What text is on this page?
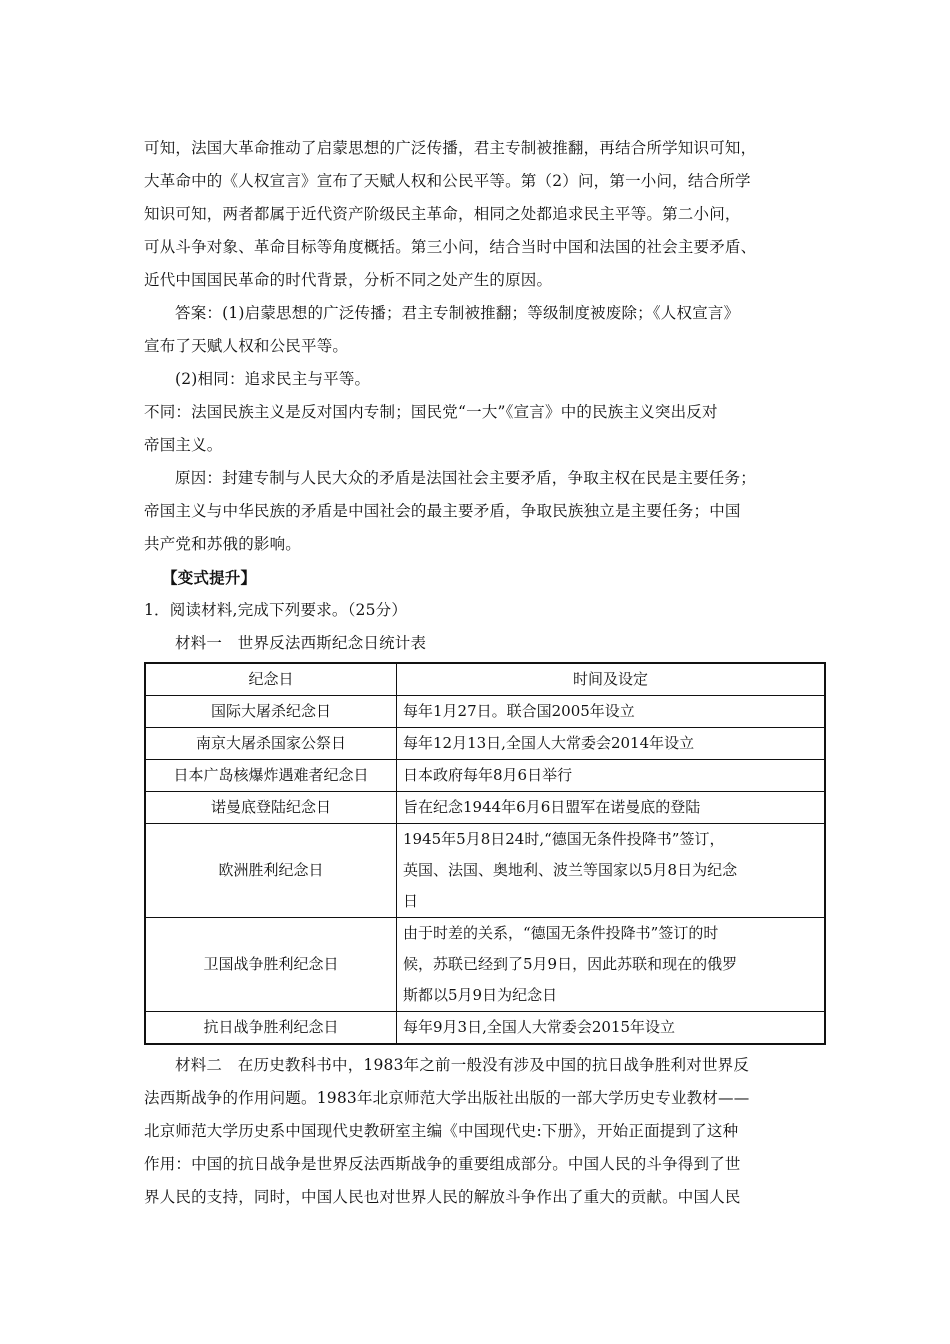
可知，法国大革命推动了启蒙思想的广泛传播，君主专制被推翻，再结合所学知识可知，

大革命中的《人权宣言》宣布了天赋人权和公民平等。第（2）问，第一小问，结合所学

知识可知，两者都属于近代资产阶级民主革命，相同之处都追求民主平等。第二小问，

可从斗争对象、革命目标等角度概括。第三小问，结合当时中国和法国的社会主要矛盾、

近代中国国民革命的时代背景，分析不同之处产生的原因。

答案：(1)启蒙思想的广泛传播；君主专制被推翻；等级制度被废除；《人权宣言》

宣布了天赋人权和公民平等。

(2)相同：追求民主与平等。

不同：法国民族主义是反对国内专制；国民党“一大”《宣言》中的民族主义突出反对

帝国主义。

原因：封建专制与人民大众的矛盾是法国社会主要矛盾，争取主权在民是主要任务；

帝国主义与中华民族的矛盾是中国社会的最主要矛盾，争取民族独立是主要任务；中国

共产党和苏俄的影响。

【变式提升】

1．阅读材料,完成下列要求。（25分）

材料一　世界反法西斯纪念日统计表

纪念日	时间及设定
国际大屠杀纪念日	每年1月27日。联合国2005年设立

南京大屠杀国家公祭日	每年12月13日,全国人大常委会2014年设立

日本广岛核爆炸遇难者纪念日	日本政府每年8月6日举行

诺曼底登陆纪念日	旨在纪念1944年6月6日盟军在诺曼底的登陆

欧洲胜利纪念日	1945年5月8日24时,“德国无条件投降书”签订，
英国、法国、奥地利、波兰等国家以5月8日为纪念
日

卫国战争胜利纪念日	由于时差的关系，“德国无条件投降书”签订的时
候，苏联已经到了5月9日，因此苏联和现在的俄罗
斯都以5月9日为纪念日

抗日战争胜利纪念日	每年9月3日,全国人大常委会2015年设立

材料二　在历史教科书中，1983年之前一般没有涉及中国的抗日战争胜利对世界反

法西斯战争的作用问题。1983年北京师范大学出版社出版的一部大学历史专业教材——

北京师范大学历史系中国现代史教研室主编《中国现代史:下册》，开始正面提到了这种

作用：中国的抗日战争是世界反法西斯战争的重要组成部分。中国人民的斗争得到了世

界人民的支持，同时，中国人民也对世界人民的解放斗争作出了重大的贡献。中国人民
